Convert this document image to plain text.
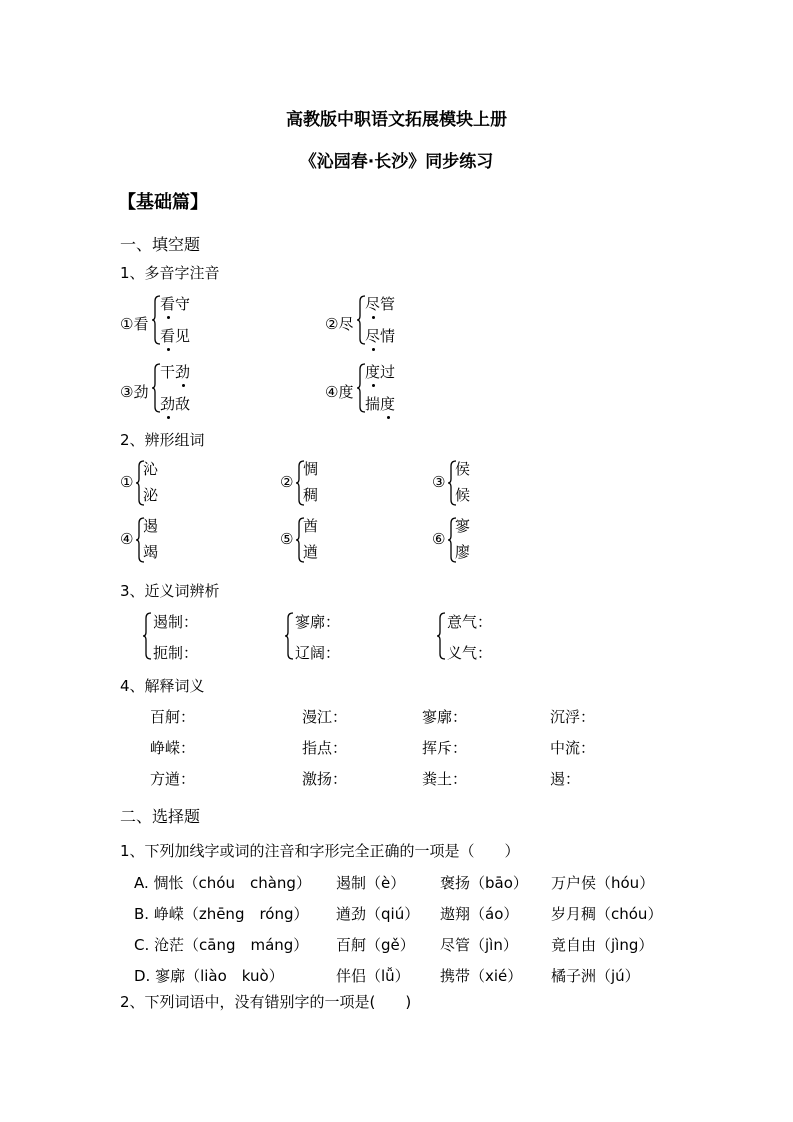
高教版中职语文拓展模块上册
《沁园春·长沙》同步练习
【基础篇】
一、填空题
1、多音字注音
2、辨形组词
3、近义词辨析
4、解释词义
二、选择题
1、下列加线字或词的注音和字形完全正确的一项是（　　）
2、下列词语中，没有错别字的一项是(　　)
①看
看守
看见
②尽
尽管
尽情
③劲
干劲
劲敌
④度
度过
揣度
①
沁
泌
②
惆
稠
③
侯
候
④
遏
竭
⑤
酋
遒
⑥
寥
廖
遏制：
扼制：
寥廓：
辽阔：
意气：
义气：
百舸：	漫江：	寥廓：	沉浮：
峥嵘：	指点：	挥斥：	中流：
方遒：	激扬：	粪土：	遏：
A. 惆怅（chóu　chàng） 遏制（è） 褒扬（bāo） 万户侯（hóu）
B. 峥嵘（zhēng　róng） 遒劲（qiú） 遨翔（áo） 岁月稠（chóu）
C. 沧茫（cāng　máng） 百舸（gě） 尽管（jìn） 竟自由（jìng）
D. 寥廓（liào　kuò）	伴侣（lǚ） 携带（xié） 橘子洲（jú）
